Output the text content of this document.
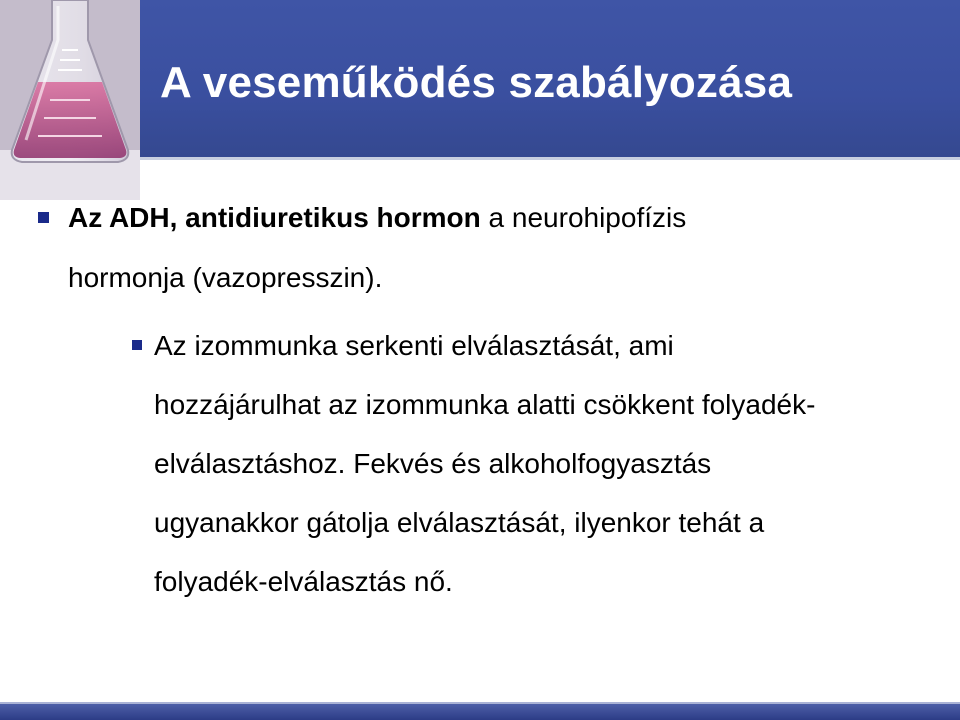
A veseműködés szabályozása

Az ADH, antidiuretikus hormon a neurohipofízis

hormonja (vazopresszin).

Az izommunka serkenti elválasztását, ami

hozzájárulhat az izommunka alatti csökkent folyadék-

elválasztáshoz. Fekvés és alkoholfogyasztás

ugyanakkor gátolja elválasztását, ilyenkor tehát a

folyadék-elválasztás nő.
